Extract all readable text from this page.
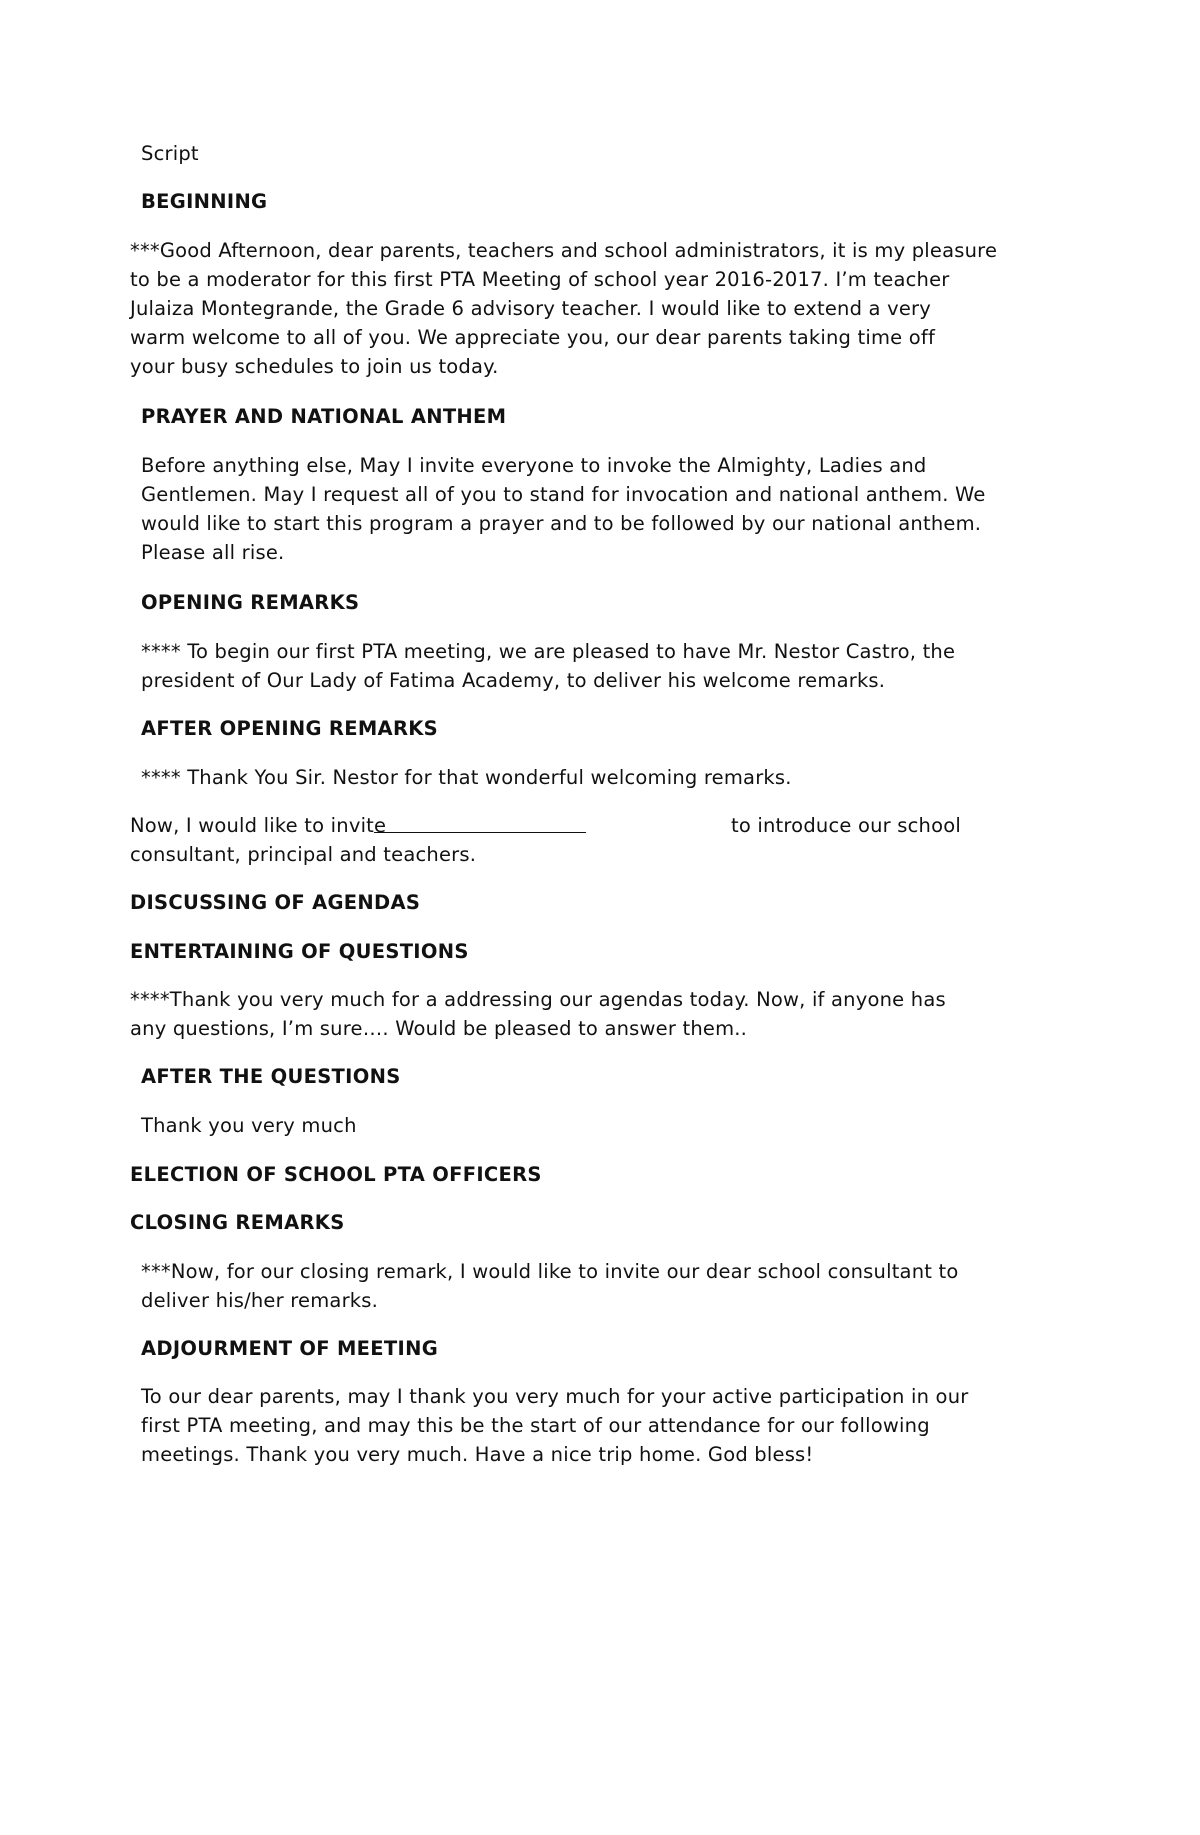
Script
BEGINNING
***Good Afternoon, dear parents, teachers and school administrators, it is my pleasure
to be a moderator for this first PTA Meeting of school year 2016-2017. I’m teacher
Julaiza Montegrande, the Grade 6 advisory teacher. I would like to extend a very
warm welcome to all of you. We appreciate you, our dear parents taking time off
your busy schedules to join us today.
PRAYER AND NATIONAL ANTHEM
Before anything else, May I invite everyone to invoke the Almighty, Ladies and
Gentlemen. May I request all of you to stand for invocation and national anthem. We
would like to start this program a prayer and to be followed by our national anthem.
Please all rise.
OPENING REMARKS
**** To begin our first PTA meeting, we are pleased to have Mr. Nestor Castro, the
president of Our Lady of Fatima Academy, to deliver his welcome remarks.
AFTER OPENING REMARKS
**** Thank You Sir. Nestor for that wonderful welcoming remarks.
Now, I would like to invite	to introduce our school
consultant, principal and teachers.
DISCUSSING OF AGENDAS
ENTERTAINING OF QUESTIONS
****Thank you very much for a addressing our agendas today. Now, if anyone has
any questions, I’m sure…. Would be pleased to answer them..
AFTER THE QUESTIONS
Thank you very much
ELECTION OF SCHOOL PTA OFFICERS
CLOSING REMARKS
***Now, for our closing remark, I would like to invite our dear school consultant to
deliver his/her remarks.
ADJOURMENT OF MEETING
To our dear parents, may I thank you very much for your active participation in our
first PTA meeting, and may this be the start of our attendance for our following
meetings. Thank you very much. Have a nice trip home. God bless!
